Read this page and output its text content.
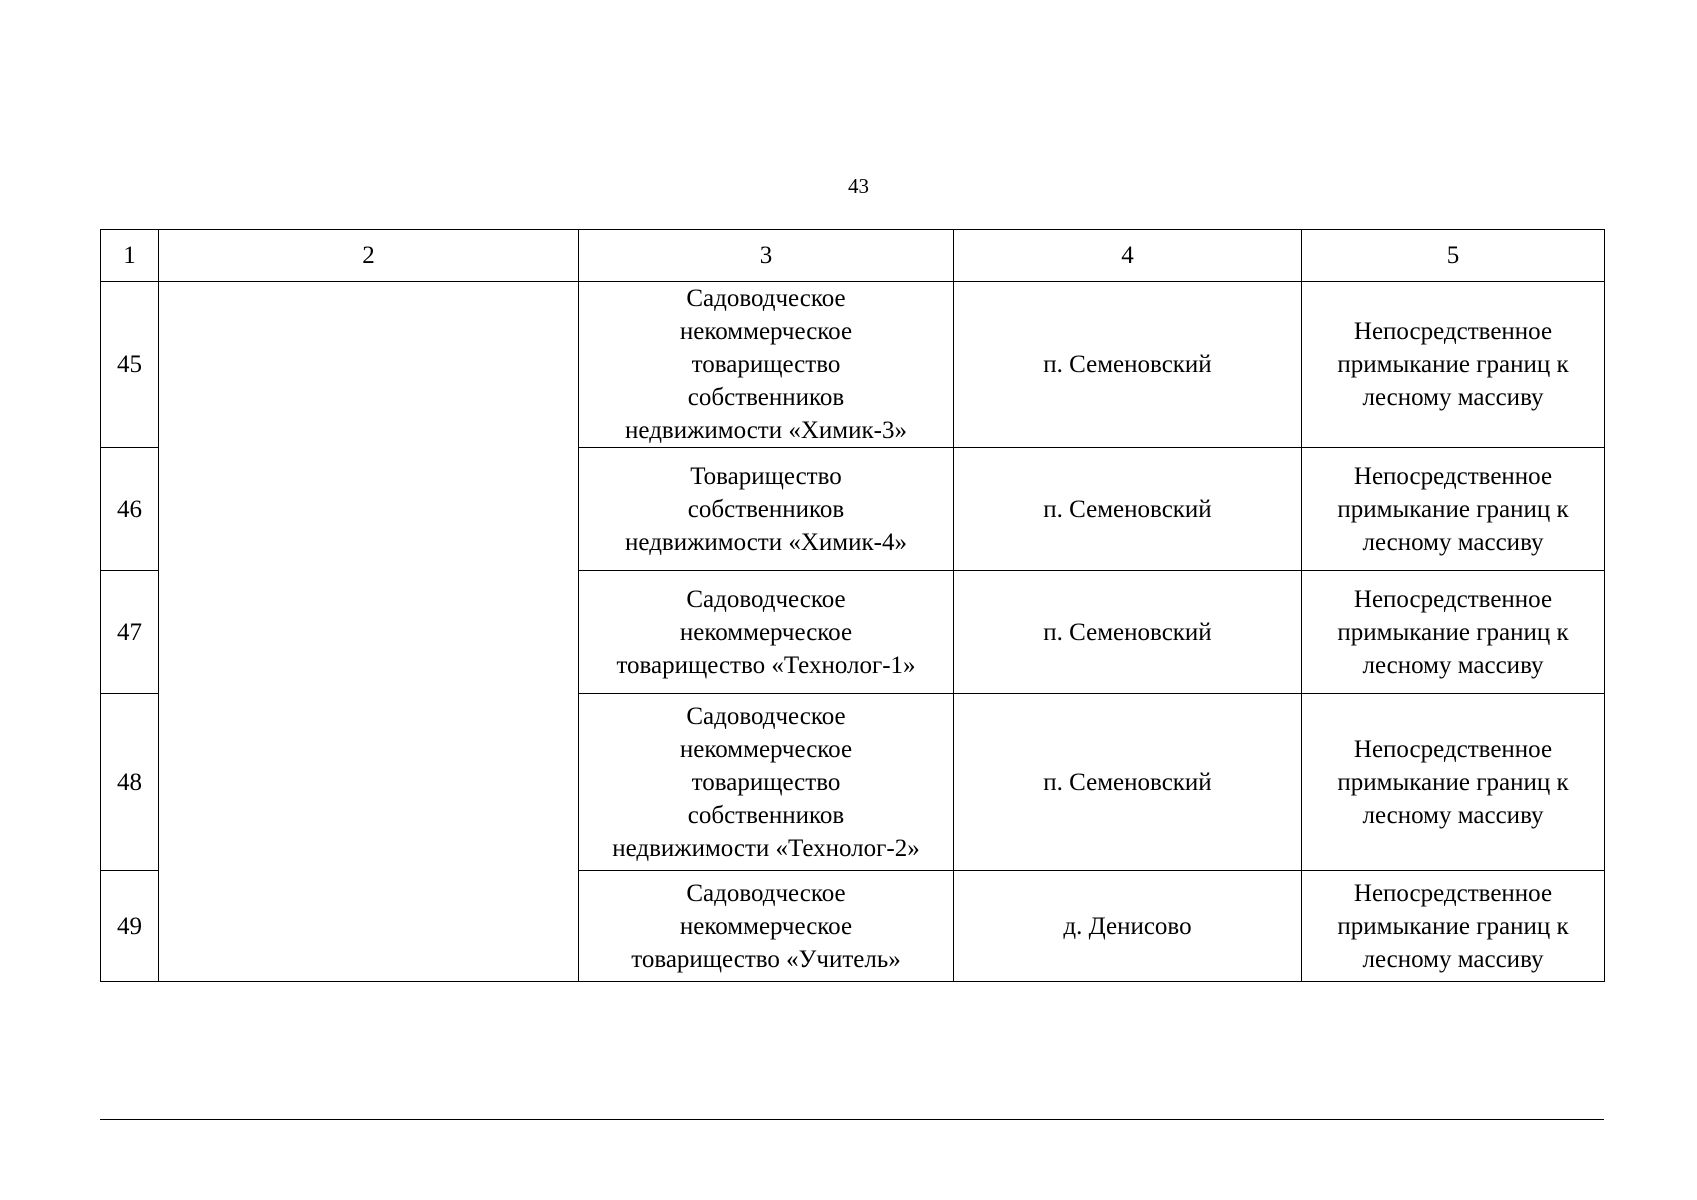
43
1	2	3	4	5
45		Садоводческое
некоммерческое
товарищество
собственников
недвижимости «Химик-3»	п. Семеновский	Непосредственное
примыкание границ к
лесному массиву
46		Товарищество
собственников
недвижимости «Химик-4»	п. Семеновский	Непосредственное
примыкание границ к
лесному массиву
47		Садоводческое
некоммерческое
товарищество «Технолог-1»	п. Семеновский	Непосредственное
примыкание границ к
лесному массиву
48		Садоводческое
некоммерческое
товарищество
собственников
недвижимости «Технолог-2»	п. Семеновский	Непосредственное
примыкание границ к
лесному массиву
49		Садоводческое
некоммерческое
товарищество «Учитель»	д. Денисово	Непосредственное
примыкание границ к
лесному массиву
